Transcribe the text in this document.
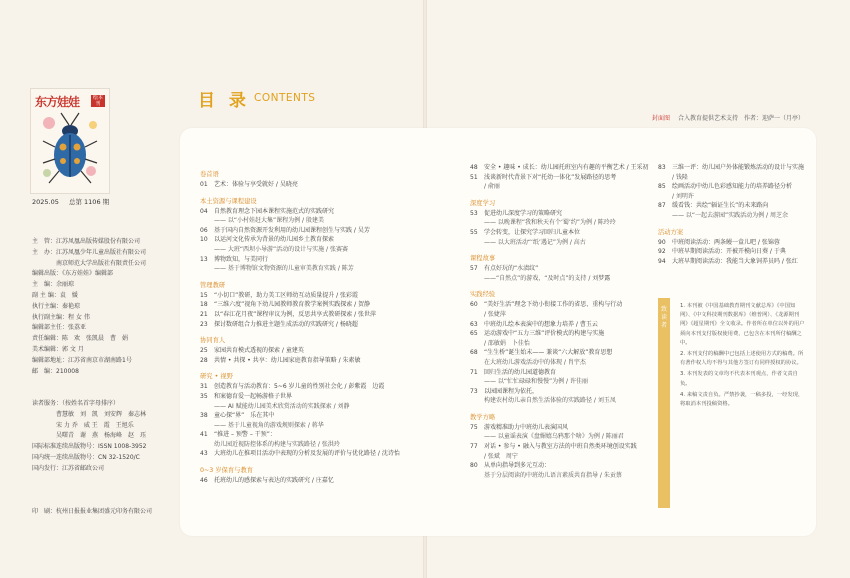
东方娃娃	绘本刊
2025.05 总第 1106 期
主　管：江苏凤凰出版传媒股份有限公司
主　办：江苏凤凰少年儿童出版社有限公司
　　　　南京师范大学出版社有限责任公司
编辑出版：《东方娃娃》编辑部
主　编：余丽琼
副 主 编：袁　媛
执行主编：秦艳琼
执行副主编：程 女 伟
编辑部主任：张荔亚
责任编辑：陈　欢　张凯晨　曹　娟
美术编辑：郭 文 月
编辑部地址：江苏省南京市湖南路1号
邮　编：210008

读者服务：（按姓名首字母排序）
　　　　曹慧敏　刘　凯　刘安辉　秦志林
　　　　宋 力 乔　威 王　霞　王旭乐
　　　　吴曙青　谢　燕　杨海峰　赵　珏
国际标准连续出版物号：ISSN 1008-3952
国内统一连续出版物号：CN 32-1520/C
国内发行：江苏省邮政公司
印　刷：杭州日报报业集团盛元印务有限公司
目 录 CONTENTS
封面图 合入教育提供艺术支持　作者：迎萨一（月亭）
卷首语
01 艺术：体验与享受就好 / 吴晓亮
本土资源与课程建设
04 自然教育理念下园本课程实施范式的实践研究
—— 以“小村娃赶大集”课程为例 / 殷建美
06 基于国内自然资源开发利用的幼儿园课程创生与实践 / 吴芳
10 以运河文化传承为背景的幼儿园乡土教育探索
—— 大班“西坝小导游”活动的设计与实施 / 张赛赛
13 博物致知，与美同行
—— 基于博物馆文物资源的儿童审美教育实践 / 陈芳
管理教研
15 “小切口”教研，助力美工区师幼互动质量提升 / 张彩霞
18 “三维六度”视角下幼儿园教师教育教学案例实践探索 / 贺静
21 以“春江花月夜”课程审议为例，反思共享式教研探索 / 张世萍
23 探讨数研组合力推进主题生成活动的实践研究 / 杨晓超
协同育人
25 家园共育模式透视的探索 / 童建英
28 共情 • 共探 • 共享：幼儿园家庭教育指导策略 / 朱素敏
研究 • 视野
31 创造教育与活动教育：5~6 岁儿童的性别社会化 / 彭紫霞　边霞
35 和案德育爱一起畅游格子世界
—— AI 赋能幼儿园美术欣赏活动的实践探索 / 刘静
38 童心探“界”　乐在其中
—— 基于儿童视角的游戏规则探索 / 蒋华
41 “推进 – 预警 – 干预”：
幼儿园近视防控体系的构建与实践路径 / 张洪玲
43 大班幼儿在推项目活动中表现的分析及发展的评价与优化路径 / 沈诗怡
0~3 岁保育与教育
46 托班幼儿的感探索与表达的实践研究 / 庄嘉忆
48 安全 • 趣味 • 成长：幼儿园托班室内有趣的平衡艺术 / 王采初
51 浅谈新时代背景下对“托幼一体化”发展路径的思考
/ 俞丽
深度学习
53 促进幼儿深度学习的策略研究
—— 以晚课程“我和秋天有个‘蜀’约”为例 / 陈玲玲
55 学会转变，让探究学习回归儿童本位
—— 以大班活动“‘纸’遇记”为例 / 高古
课程故事
57 有点好玩的“水渍纹”
——“自然点”的游戏，“及时点”的支持 / 刘梦露
实践经验
60 “美好生活”理念下幼小衔接工作的省思、重构与行动
/ 张婕萍
63 中班幼儿绘本表演中的想象力培养 / 曹玉云
65 运动游戏中“五力三维”评价模式的构建与实施
/ 邵敏娟　卜佳怡
68 “生生桥”诞生始末—— 兼谈“六大解放”教育思想
在大班幼儿游戏活动中的体现 / 肖宇杰
71 回归生活的幼儿园道德教育
—— 以“忙忙碌碌和慢慢”为例 / 许佳丽
73 以园园课程为依托，
构建农村幼儿亲自然生活体验的实践路径 / 刘玉凤
教学方略
75 游戏精准助力中班幼儿表演国风
—— 以童谣表演《盘媚嬉乌鸦那个啥》为例 / 陈丽君
77 对话 • 参与 • 融入与教室方法的中班自然类环境创设实践
/ 张斌　周宁
80 从单向指导到多元互动：
基于分层阅读的中班幼儿语言素质共育指导 / 朱贡蔡
83 三维一评：幼儿园户外体能锻炼活动的设计与实施
/ 钱隆
85 绘画活动中幼儿色彩感知能力的培养路径分析
/ 刘明许
87 缓看钱：共绘“辐证生长”的未来路向
—— 以“一起去游园”实践活动为例 / 周芝余
活动方案
90 中班阅读活动：两条鳗一盒儿吧 / 张锦蓉
92 中班早期阅读活动：开被开模向日葵 / 于典
94 大班早期阅读活动：我能当大象饲养员吗 / 张红
致读者

1. 本刊被《中国基础教育期刊文献总库》《中国知网》、《中文科技期刊数据库》（维普网）、《龙源期刊网》《超星期刊》全文收录。作者所在单位以外的用户须向本刊支付版权使用费，已包含在本刊所付稿酬之中。

2. 本刊支付的稿酬中已包括上述使用方式的稿费。所有著作权人均不得与其他方签订有同样授权的协议。

3. 本刊发表的文章均不代表本刊观点，作者文责自负。

4. 来稿文责自负。严禁抄袭，一稿多投，一经发现，将取消本刊投稿资格。
